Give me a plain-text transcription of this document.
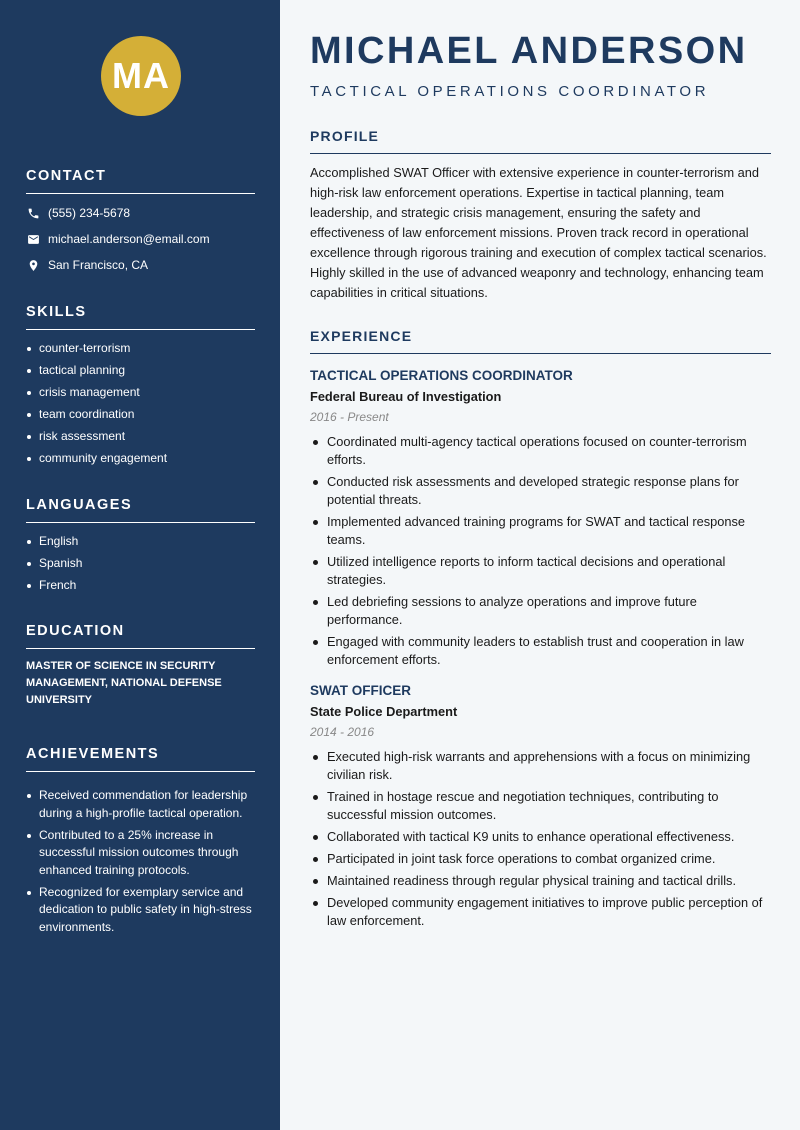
MA
CONTACT
(555) 234-5678
michael.anderson@email.com
San Francisco, CA
SKILLS
counter-terrorism
tactical planning
crisis management
team coordination
risk assessment
community engagement
LANGUAGES
English
Spanish
French
EDUCATION
MASTER OF SCIENCE IN SECURITY MANAGEMENT, NATIONAL DEFENSE UNIVERSITY
ACHIEVEMENTS
Received commendation for leadership during a high-profile tactical operation.
Contributed to a 25% increase in successful mission outcomes through enhanced training protocols.
Recognized for exemplary service and dedication to public safety in high-stress environments.
MICHAEL ANDERSON
TACTICAL OPERATIONS COORDINATOR
PROFILE
Accomplished SWAT Officer with extensive experience in counter-terrorism and high-risk law enforcement operations. Expertise in tactical planning, team leadership, and strategic crisis management, ensuring the safety and effectiveness of law enforcement missions. Proven track record in operational excellence through rigorous training and execution of complex tactical scenarios. Highly skilled in the use of advanced weaponry and technology, enhancing team capabilities in critical situations.
EXPERIENCE
TACTICAL OPERATIONS COORDINATOR
Federal Bureau of Investigation
2016 - Present
Coordinated multi-agency tactical operations focused on counter-terrorism efforts.
Conducted risk assessments and developed strategic response plans for potential threats.
Implemented advanced training programs for SWAT and tactical response teams.
Utilized intelligence reports to inform tactical decisions and operational strategies.
Led debriefing sessions to analyze operations and improve future performance.
Engaged with community leaders to establish trust and cooperation in law enforcement efforts.
SWAT OFFICER
State Police Department
2014 - 2016
Executed high-risk warrants and apprehensions with a focus on minimizing civilian risk.
Trained in hostage rescue and negotiation techniques, contributing to successful mission outcomes.
Collaborated with tactical K9 units to enhance operational effectiveness.
Participated in joint task force operations to combat organized crime.
Maintained readiness through regular physical training and tactical drills.
Developed community engagement initiatives to improve public perception of law enforcement.
